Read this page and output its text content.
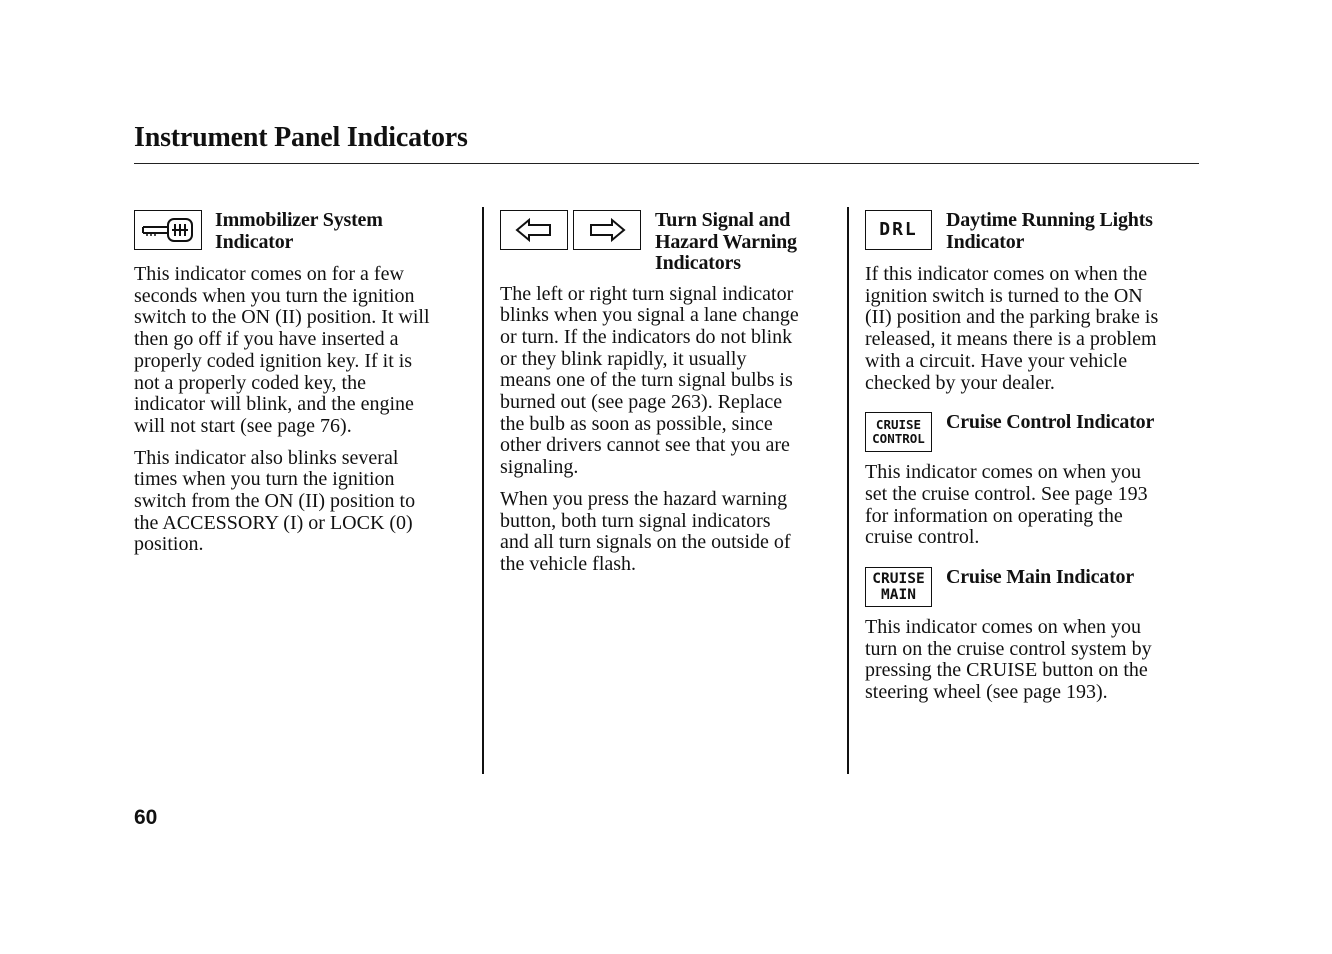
Instrument Panel Indicators
Immobilizer System
Indicator

This indicator comes on for a few
seconds when you turn the ignition
switch to the ON (II) position. It will
then go off if you have inserted a
properly coded ignition key. If it is
not a properly coded key, the
indicator will blink, and the engine
will not start (see page 76).

This indicator also blinks several
times when you turn the ignition
switch from the ON (II) position to
the ACCESSORY (I) or LOCK (0)
position.

Turn Signal and
Hazard Warning
Indicators

The left or right turn signal indicator
blinks when you signal a lane change
or turn. If the indicators do not blink
or they blink rapidly, it usually
means one of the turn signal bulbs is
burned out (see page 263). Replace
the bulb as soon as possible, since
other drivers cannot see that you are
signaling.

When you press the hazard warning
button, both turn signal indicators
and all turn signals on the outside of
the vehicle flash.

DRL Daytime Running Lights
Indicator

If this indicator comes on when the
ignition switch is turned to the ON
(II) position and the parking brake is
released, it means there is a problem
with a circuit. Have your vehicle
checked by your dealer.

CRUISE
CONTROL
Cruise Control Indicator

This indicator comes on when you
set the cruise control. See page 193
for information on operating the
cruise control.

CRUISE
MAIN
Cruise Main Indicator

This indicator comes on when you
turn on the cruise control system by
pressing the CRUISE button on the
steering wheel (see page 193).

60
